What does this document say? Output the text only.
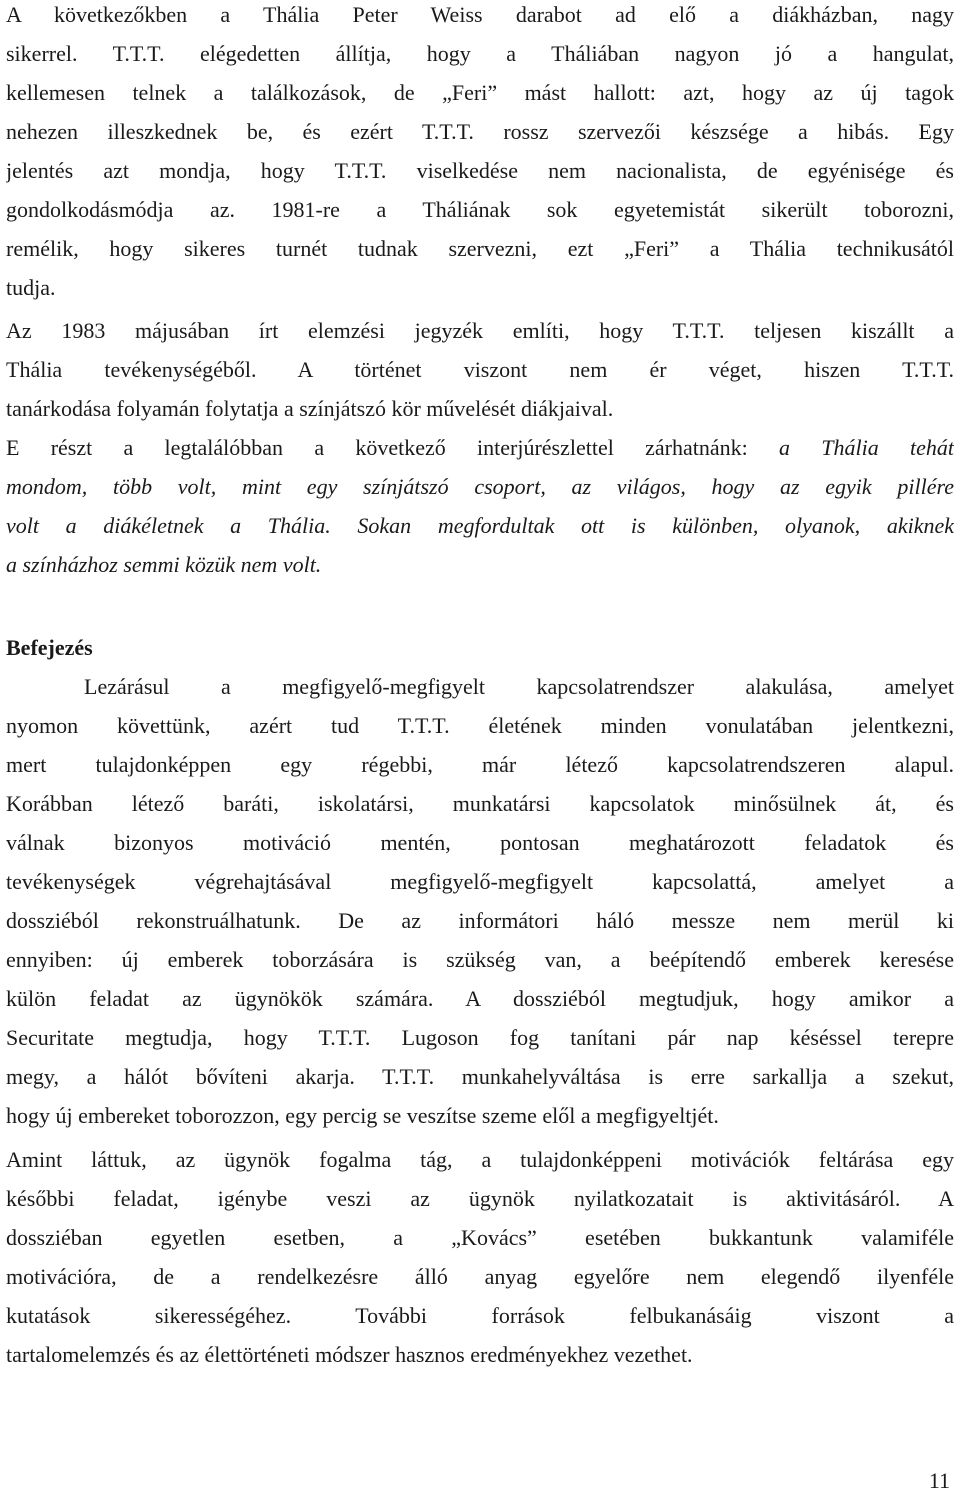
A következőkben a Thália Peter Weiss darabot ad elő a diákházban, nagy
sikerrel. T.T.T. elégedetten állítja, hogy a Tháliában nagyon jó a hangulat,
kellemesen telnek a találkozások, de „Feri” mást hallott: azt, hogy az új tagok
nehezen illeszkednek be, és ezért T.T.T. rossz szervezői készsége a hibás. Egy
jelentés azt mondja, hogy T.T.T. viselkedése nem nacionalista, de egyénisége és
gondolkodásmódja az. 1981-re a Tháliának sok egyetemistát sikerült toborozni,
remélik, hogy sikeres turnét tudnak szervezni, ezt „Feri” a Thália technikusától
tudja.
Az 1983 májusában írt elemzési jegyzék említi, hogy T.T.T. teljesen kiszállt a
Thália tevékenységéből. A történet viszont nem ér véget, hiszen T.T.T.
tanárkodása folyamán folytatja a színjátszó kör művelését diákjaival.
E részt a legtalálóbban a következő interjúrészlettel zárhatnánk: a Thália tehát
mondom, több volt, mint egy színjátszó csoport, az világos, hogy az egyik pillére
volt a diákéletnek a Thália. Sokan megfordultak ott is különben, olyanok, akiknek
a színházhoz semmi közük nem volt.
Befejezés
Lezárásul a megfigyelő-megfigyelt kapcsolatrendszer alakulása, amelyet
nyomon követtünk, azért tud T.T.T. életének minden vonulatában jelentkezni,
mert tulajdonképpen egy régebbi, már létező kapcsolatrendszeren alapul.
Korábban létező baráti, iskolatársi, munkatársi kapcsolatok minősülnek át, és
válnak bizonyos motiváció mentén, pontosan meghatározott feladatok és
tevékenységek végrehajtásával megfigyelő-megfigyelt kapcsolattá, amelyet a
dossziéból rekonstruálhatunk. De az informátori háló messze nem merül ki
ennyiben: új emberek toborzására is szükség van, a beépítendő emberek keresése
külön feladat az ügynökök számára. A dossziéból megtudjuk, hogy amikor a
Securitate megtudja, hogy T.T.T. Lugoson fog tanítani pár nap késéssel terepre
megy, a hálót bővíteni akarja. T.T.T. munkahelyváltása is erre sarkallja a szekut,
hogy új embereket toborozzon, egy percig se veszítse szeme elől a megfigyeltjét.
Amint láttuk, az ügynök fogalma tág, a tulajdonképpeni motivációk feltárása egy
későbbi feladat, igénybe veszi az ügynök nyilatkozatait is aktivitásáról. A
dossziéban egyetlen esetben, a „Kovács” esetében bukkantunk valamiféle
motivációra, de a rendelkezésre álló anyag egyelőre nem elegendő ilyenféle
kutatások sikerességéhez. További források felbukanásáig viszont a
tartalomelemzés és az élettörténeti módszer hasznos eredményekhez vezethet.
11
